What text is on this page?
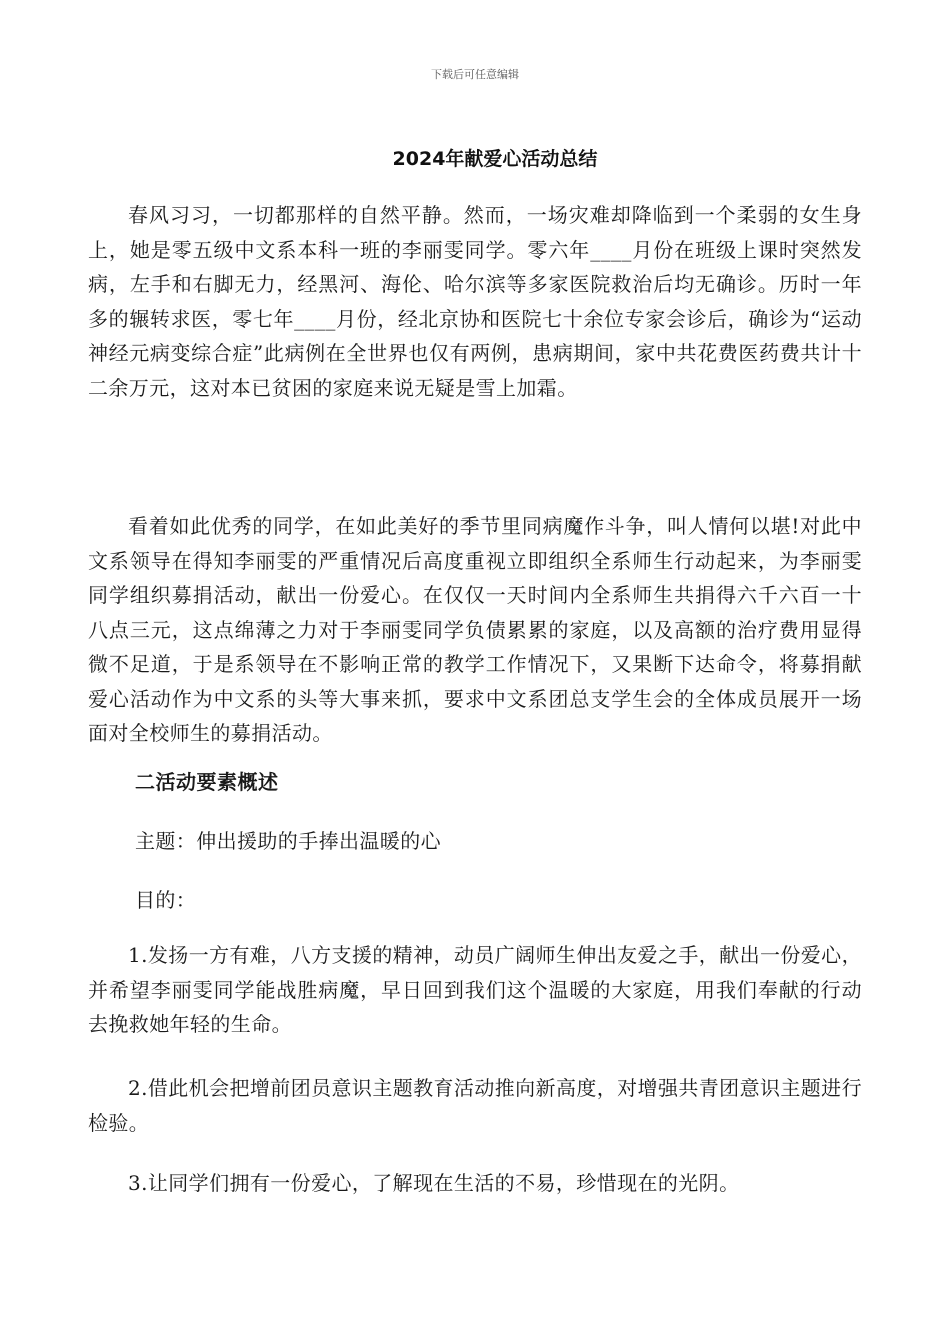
下载后可任意编辑
2024年献爱心活动总结

春风习习，一切都那样的自然平静。然而，一场灾难却降临到一个柔弱的女生身上，她是零五级中文系本科一班的李丽雯同学。零六年____月份在班级上课时突然发病，左手和右脚无力，经黑河、海伦、哈尔滨等多家医院救治后均无确诊。历时一年多的辗转求医，零七年____月份，经北京协和医院七十余位专家会诊后，确诊为“运动神经元病变综合症”此病例在全世界也仅有两例，患病期间，家中共花费医药费共计十二余万元，这对本已贫困的家庭来说无疑是雪上加霜。

看着如此优秀的同学，在如此美好的季节里同病魔作斗争，叫人情何以堪!对此中文系领导在得知李丽雯的严重情况后高度重视立即组织全系师生行动起来，为李丽雯同学组织募捐活动，献出一份爱心。在仅仅一天时间内全系师生共捐得六千六百一十八点三元，这点绵薄之力对于李丽雯同学负债累累的家庭，以及高额的治疗费用显得微不足道，于是系领导在不影响正常的教学工作情况下，又果断下达命令，将募捐献爱心活动作为中文系的头等大事来抓，要求中文系团总支学生会的全体成员展开一场面对全校师生的募捐活动。

二活动要素概述

主题：伸出援助的手捧出温暖的心

目的：

1.发扬一方有难，八方支援的精神，动员广阔师生伸出友爱之手，献出一份爱心，并希望李丽雯同学能战胜病魔，早日回到我们这个温暖的大家庭，用我们奉献的行动去挽救她年轻的生命。

2.借此机会把增前团员意识主题教育活动推向新高度，对增强共青团意识主题进行检验。

3.让同学们拥有一份爱心，了解现在生活的不易，珍惜现在的光阴。
